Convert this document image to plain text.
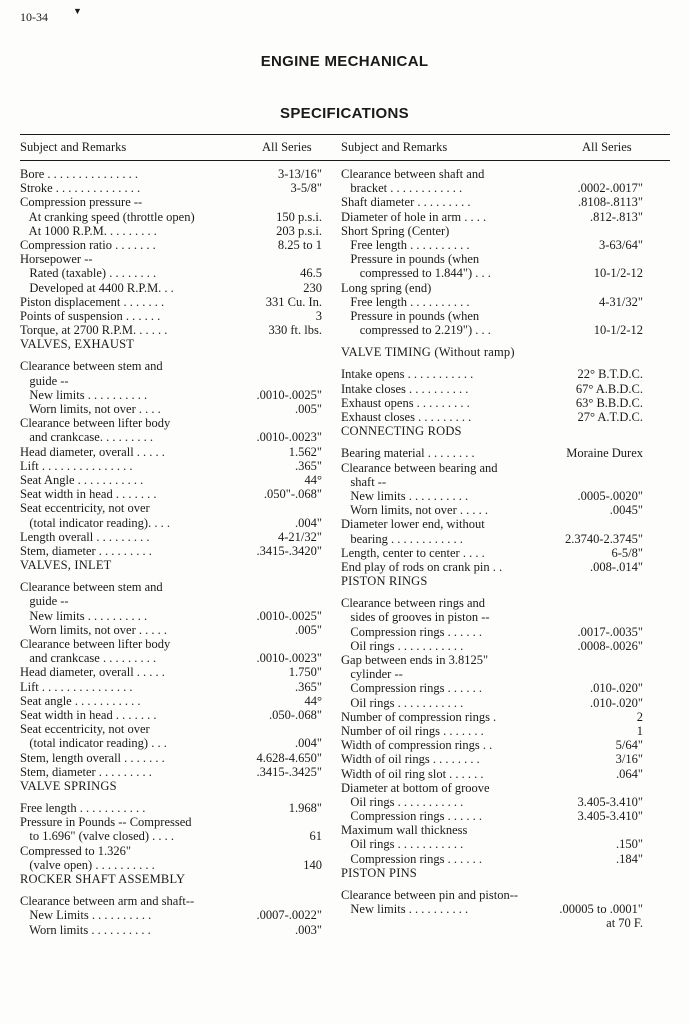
10-34	▼
ENGINE MECHANICAL
SPECIFICATIONS
Subject and Remarks	All Series Subject and Remarks	All Series
Bore . . . . . . . . . . . . . . .	3-13/16"
Stroke . . . . . . . . . . . . . .	3-5/8"
Compression pressure --
At cranking speed (throttle open)	150 p.s.i.
At 1000 R.P.M. . . . . . . . .	203 p.s.i.
Compression ratio . . . . . . .	8.25 to 1
Horsepower --
Rated (taxable) . . . . . . . .	46.5
Developed at 4400 R.P.M. . .	230
Piston displacement . . . . . . .	331 Cu. In.
Points of suspension . . . . . .	3
Torque, at 2700 R.P.M. . . . . .	330 ft. lbs.
VALVES, EXHAUST
Clearance between stem and
guide --
New limits . . . . . . . . . .	.0010-.0025"
Worn limits, not over . . . .	.005"
Clearance between lifter body
and crankcase. . . . . . . . .	.0010-.0023"
Head diameter, overall . . . . .	1.562"
Lift . . . . . . . . . . . . . . .	.365"
Seat Angle . . . . . . . . . . .	44°
Seat width in head . . . . . . .	.050"-.068"
Seat eccentricity, not over
(total indicator reading). . . .	.004"
Length overall . . . . . . . . .	4-21/32"
Stem, diameter . . . . . . . . .	.3415-.3420"
VALVES, INLET
Clearance between stem and
guide --
New limits . . . . . . . . . .	.0010-.0025"
Worn limits, not over . . . . .	.005"
Clearance between lifter body
and crankcase . . . . . . . . .	.0010-.0023"
Head diameter, overall . . . . .	1.750"
Lift . . . . . . . . . . . . . . .	.365"
Seat angle . . . . . . . . . . .	44°
Seat width in head . . . . . . .	.050-.068"
Seat eccentricity, not over
(total indicator reading) . . .	.004"
Stem, length overall . . . . . . .	4.628-4.650"
Stem, diameter . . . . . . . . .	.3415-.3425"
VALVE SPRINGS
Free length . . . . . . . . . . .	1.968"
Pressure in Pounds -- Compressed
to 1.696" (valve closed) . . . .	61
Compressed to 1.326"
(valve open) . . . . . . . . . .	140
ROCKER SHAFT ASSEMBLY
Clearance between arm and shaft--
New Limits . . . . . . . . . .	.0007-.0022"
Worn limits . . . . . . . . . .	.003"
Clearance between shaft and
bracket . . . . . . . . . . . .	.0002-.0017"
Shaft diameter . . . . . . . . .	.8108-.8113"
Diameter of hole in arm . . . .	.812-.813"
Short Spring (Center)
Free length . . . . . . . . . .	3-63/64"
Pressure in pounds (when
compressed to 1.844") . . .	10-1/2-12
Long spring (end)
Free length . . . . . . . . . .	4-31/32"
Pressure in pounds (when
compressed to 2.219") . . .	10-1/2-12
VALVE TIMING (Without ramp)
Intake opens . . . . . . . . . . .	22° B.T.D.C.
Intake closes . . . . . . . . . .	67° A.B.D.C.
Exhaust opens . . . . . . . . .	63° B.B.D.C.
Exhaust closes . . . . . . . . .	27° A.T.D.C.
CONNECTING RODS
Bearing material . . . . . . . .	Moraine Durex
Clearance between bearing and
shaft --
New limits . . . . . . . . . .	.0005-.0020"
Worn limits, not over . . . . .	.0045"
Diameter lower end, without
bearing . . . . . . . . . . . .	2.3740-2.3745"
Length, center to center . . . .	6-5/8"
End play of rods on crank pin . .	.008-.014"
PISTON RINGS
Clearance between rings and
sides of grooves in piston --
Compression rings . . . . . .	.0017-.0035"
Oil rings . . . . . . . . . . .	.0008-.0026"
Gap between ends in 3.8125"
cylinder --
Compression rings . . . . . .	.010-.020"
Oil rings . . . . . . . . . . .	.010-.020"
Number of compression rings .	2
Number of oil rings . . . . . . .	1
Width of compression rings . .	5/64"
Width of oil rings . . . . . . . .	3/16"
Width of oil ring slot . . . . . .	.064"
Diameter at bottom of groove
Oil rings . . . . . . . . . . .	3.405-3.410"
Compression rings . . . . . .	3.405-3.410"
Maximum wall thickness
Oil rings . . . . . . . . . . .	.150"
Compression rings . . . . . .	.184"
PISTON PINS
Clearance between pin and piston--
New limits . . . . . . . . . .	.00005 to .0001"
at 70 F.
